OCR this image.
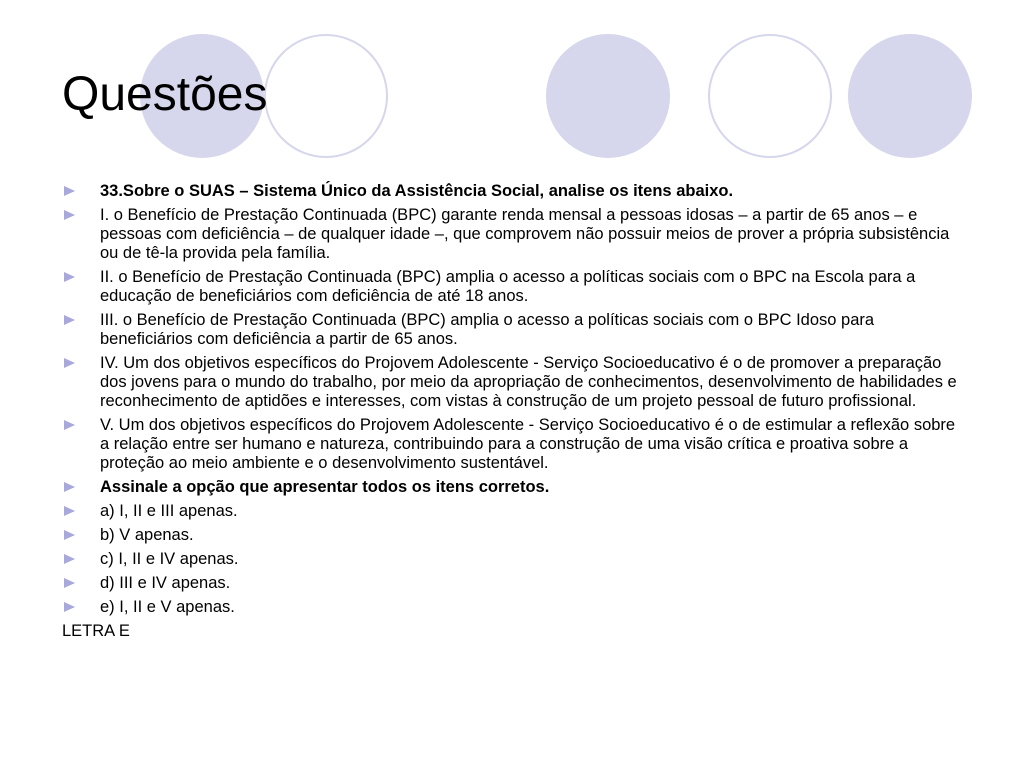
Questões
33.Sobre o SUAS – Sistema Único da Assistência Social, analise os itens abaixo.
I. o Benefício de Prestação Continuada (BPC) garante renda mensal a pessoas idosas – a partir de 65 anos – e pessoas com deficiência – de qualquer idade –, que comprovem não possuir meios de prover a própria subsistência ou de tê-la provida pela família.
II. o Benefício de Prestação Continuada (BPC) amplia o acesso a políticas sociais com o BPC na Escola para a educação de beneficiários com deficiência de até 18 anos.
III. o Benefício de Prestação Continuada (BPC) amplia o acesso a políticas sociais com o BPC Idoso para beneficiários com deficiência a partir de 65 anos.
IV. Um dos objetivos específicos do Projovem Adolescente - Serviço Socioeducativo é o de promover a preparação dos jovens para o mundo do trabalho, por meio da apropriação de conhecimentos, desenvolvimento de habilidades e reconhecimento de aptidões e interesses, com vistas à construção de um projeto pessoal de futuro profissional.
V. Um dos objetivos específicos do Projovem Adolescente - Serviço Socioeducativo é o de estimular a reflexão sobre a relação entre ser humano e natureza, contribuindo para a construção de uma visão crítica e proativa sobre a proteção ao meio ambiente e o desenvolvimento sustentável.
Assinale a opção que apresentar todos os itens corretos.
a) I, II e III apenas.
b) V apenas.
c) I, II e IV apenas.
d) III e IV apenas.
e) I, II e V apenas.
LETRA E
